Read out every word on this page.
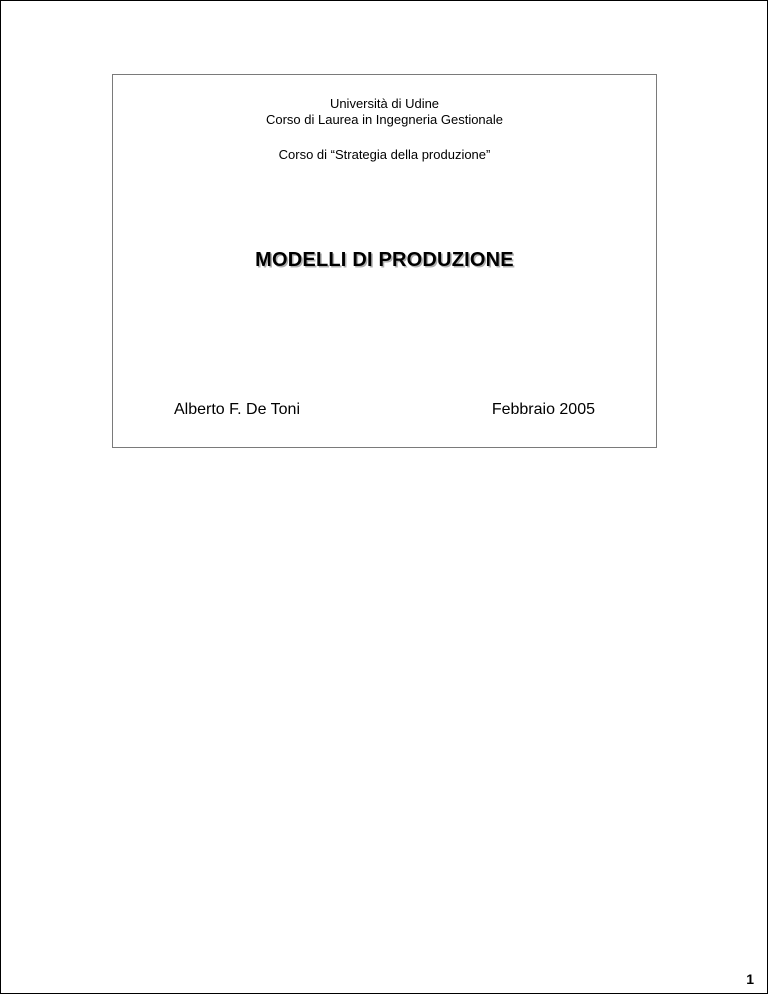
Università di Udine
Corso di Laurea in Ingegneria Gestionale
Corso di “Strategia della produzione”
MODELLI DI PRODUZIONE
Alberto F. De Toni	Febbraio 2005
1
